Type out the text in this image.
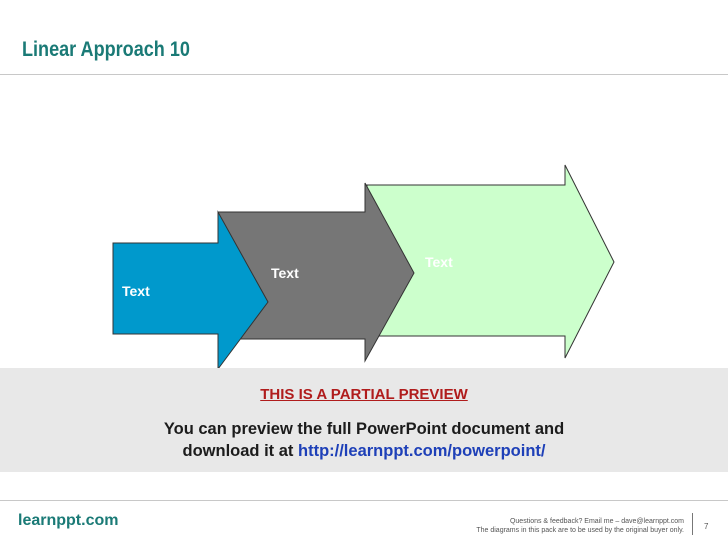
Linear Approach 10
Text
Text
Text
THIS IS A PARTIAL PREVIEW
You can preview the full PowerPoint document and
download it at http://learnppt.com/powerpoint/
learnppt.com	Questions & feedback? Email me – dave@learnppt.com
The diagrams in this pack are to be used by the original buyer only.	7
